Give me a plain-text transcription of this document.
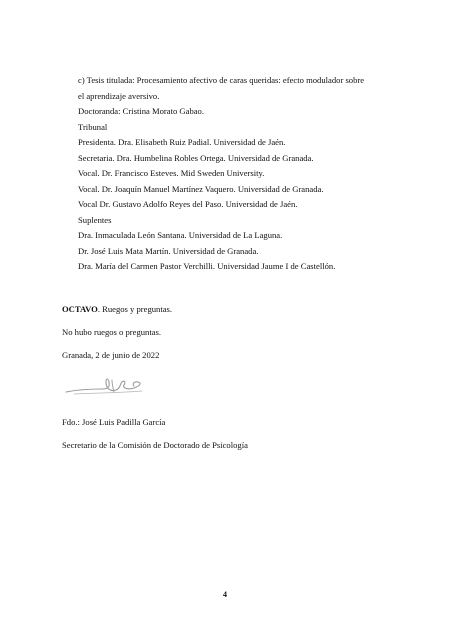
c) Tesis titulada: Procesamiento afectivo de caras queridas: efecto modulador sobre
el aprendizaje aversivo.
Doctoranda: Cristina Morato Gabao.
Tribunal
Presidenta. Dra. Elisabeth Ruiz Padial. Universidad de Jaén.
Secretaria. Dra. Humbelina Robles Ortega. Universidad de Granada.
Vocal. Dr. Francisco Esteves. Mid Sweden University.
Vocal. Dr. Joaquín Manuel Martínez Vaquero. Universidad de Granada.
Vocal Dr. Gustavo Adolfo Reyes del Paso. Universidad de Jaén.
Suplentes
Dra. Inmaculada León Santana. Universidad de La Laguna.
Dr. José Luis Mata Martín. Universidad de Granada.
Dra. María del Carmen Pastor Verchilli. Universidad Jaume I de Castellón.
OCTAVO. Ruegos y preguntas.
No hubo ruegos o preguntas.
Granada, 2 de junio de 2022
Fdo.: José Luis Padilla García
Secretario de la Comisión de Doctorado de Psicología
4
